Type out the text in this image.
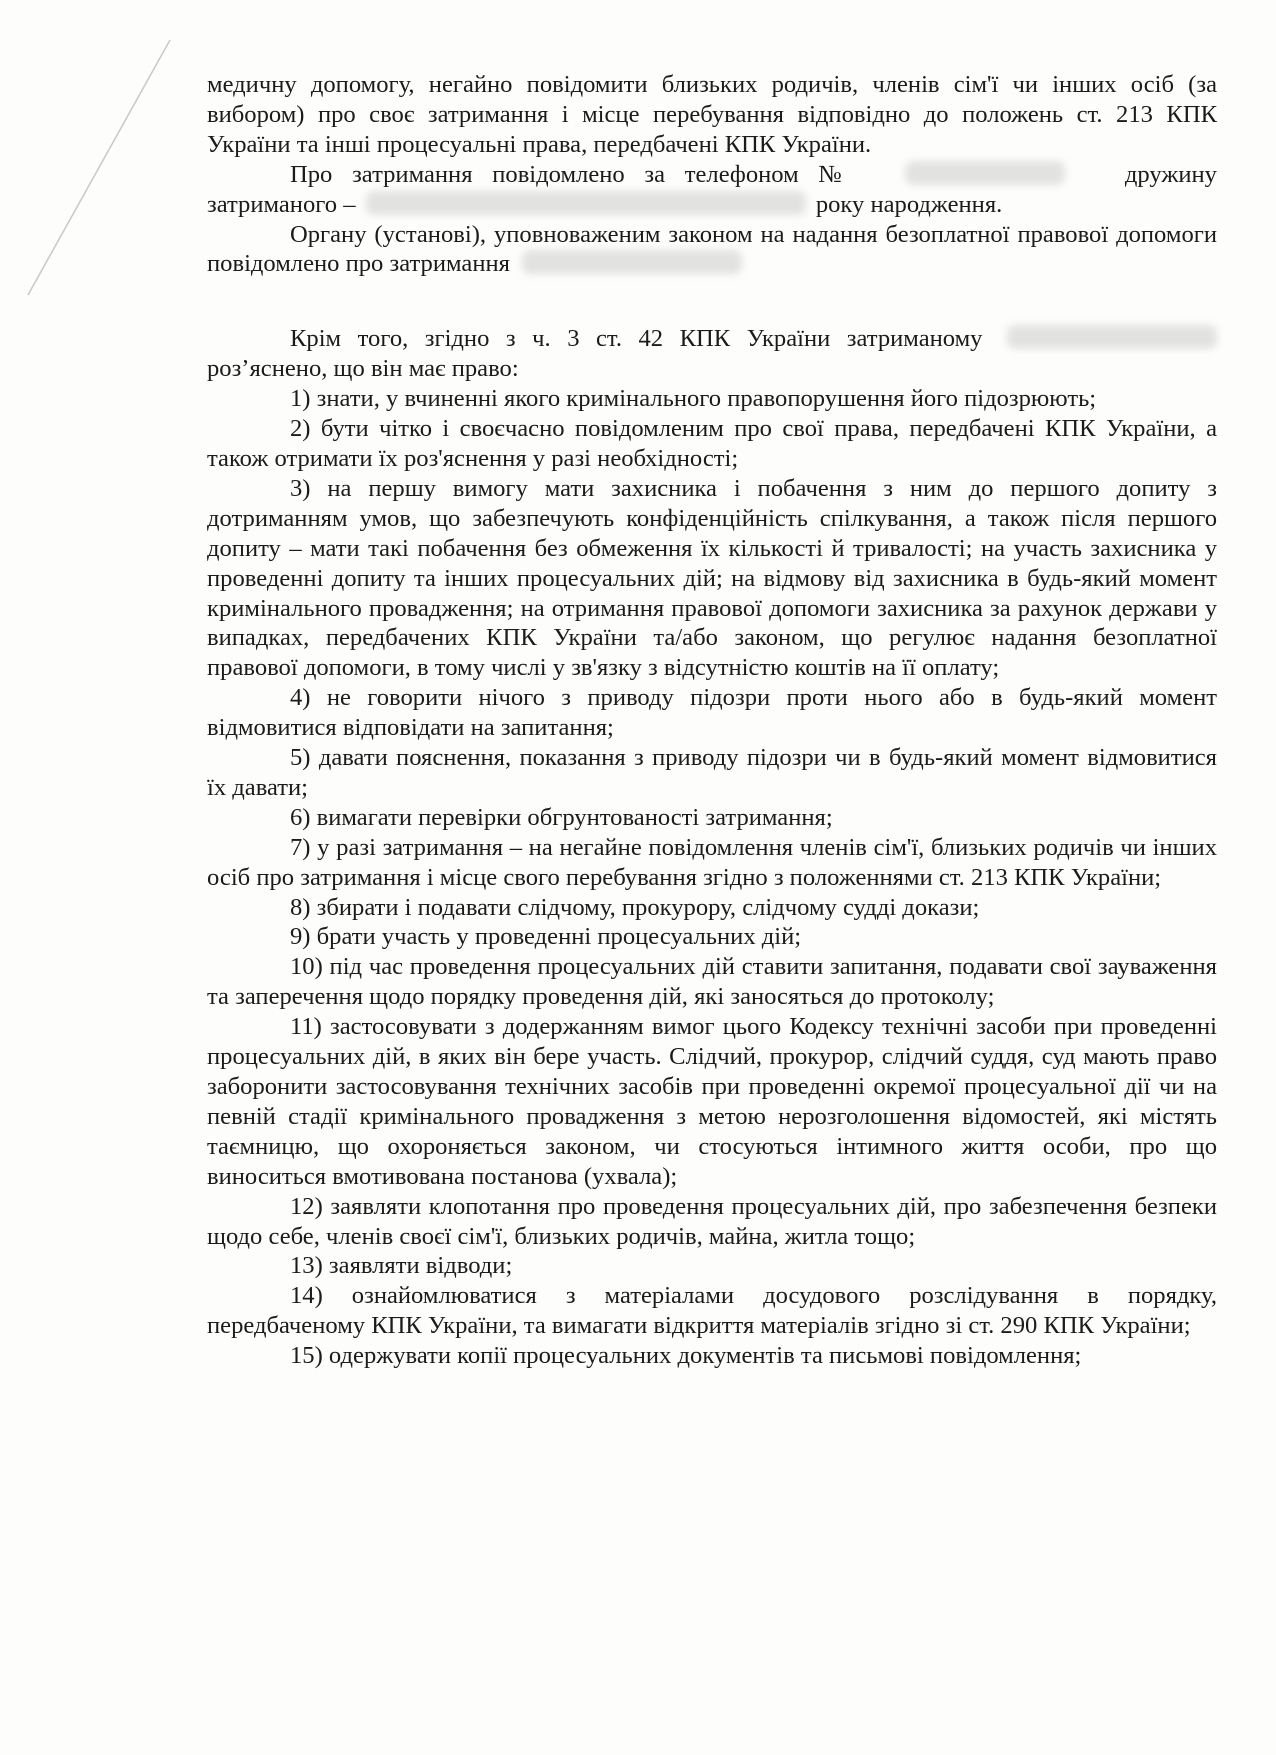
медичну допомогу, негайно повідомити близьких родичів, членів сім'ї чи інших осіб (за вибором) про своє затримання і місце перебування відповідно до положень ст. 213 КПК України та інші процесуальні права, передбачені КПК України.

Про затримання повідомлено за телефоном №	дружину затриманого –	року народження.

Органу (установі), уповноваженим законом на надання безоплатної правової допомоги повідомлено про затримання

Крім того, згідно з ч. 3 ст. 42 КПК України затриманому  роз’яснено, що він має право:

1) знати, у вчиненні якого кримінального правопорушення його підозрюють;

2) бути чітко і своєчасно повідомленим про свої права, передбачені КПК України, а також отримати їх роз'яснення у разі необхідності;

3) на першу вимогу мати захисника і побачення з ним до першого допиту з дотриманням умов, що забезпечують конфіденційність спілкування, а також після першого допиту – мати такі побачення без обмеження їх кількості й тривалості; на участь захисника у проведенні допиту та інших процесуальних дій; на відмову від захисника в будь-який момент кримінального провадження; на отримання правової допомоги захисника за рахунок держави у випадках, передбачених КПК України та/або законом, що регулює надання безоплатної правової допомоги, в тому числі у зв'язку з відсутністю коштів на її оплату;

4) не говорити нічого з приводу підозри проти нього або в будь-який момент відмовитися відповідати на запитання;

5) давати пояснення, показання з приводу підозри чи в будь-який момент відмовитися їх давати;

6) вимагати перевірки обгрунтованості затримання;

7) у разі затримання – на негайне повідомлення членів сім'ї, близьких родичів чи інших осіб про затримання і місце свого перебування згідно з положеннями ст. 213 КПК України;

8) збирати і подавати слідчому, прокурору, слідчому судді докази;

9) брати участь у проведенні процесуальних дій;

10) під час проведення процесуальних дій ставити запитання, подавати свої зауваження та заперечення щодо порядку проведення дій, які заносяться до протоколу;

11) застосовувати з додержанням вимог цього Кодексу технічні засоби при проведенні процесуальних дій, в яких він бере участь. Слідчий, прокурор, слідчий суддя, суд мають право заборонити застосовування технічних засобів при проведенні окремої процесуальної дії чи на певній стадії кримінального провадження з метою нерозголошення відомостей, які містять таємницю, що охороняється законом, чи стосуються інтимного життя особи, про що виноситься вмотивована постанова (ухвала);

12) заявляти клопотання про проведення процесуальних дій, про забезпечення безпеки щодо себе, членів своєї сім'ї, близьких родичів, майна, житла тощо;

13) заявляти відводи;

14) ознайомлюватися з матеріалами досудового розслідування в порядку, передбаченому КПК України, та вимагати відкриття матеріалів згідно зі ст. 290 КПК України;

15) одержувати копії процесуальних документів та письмові повідомлення;
